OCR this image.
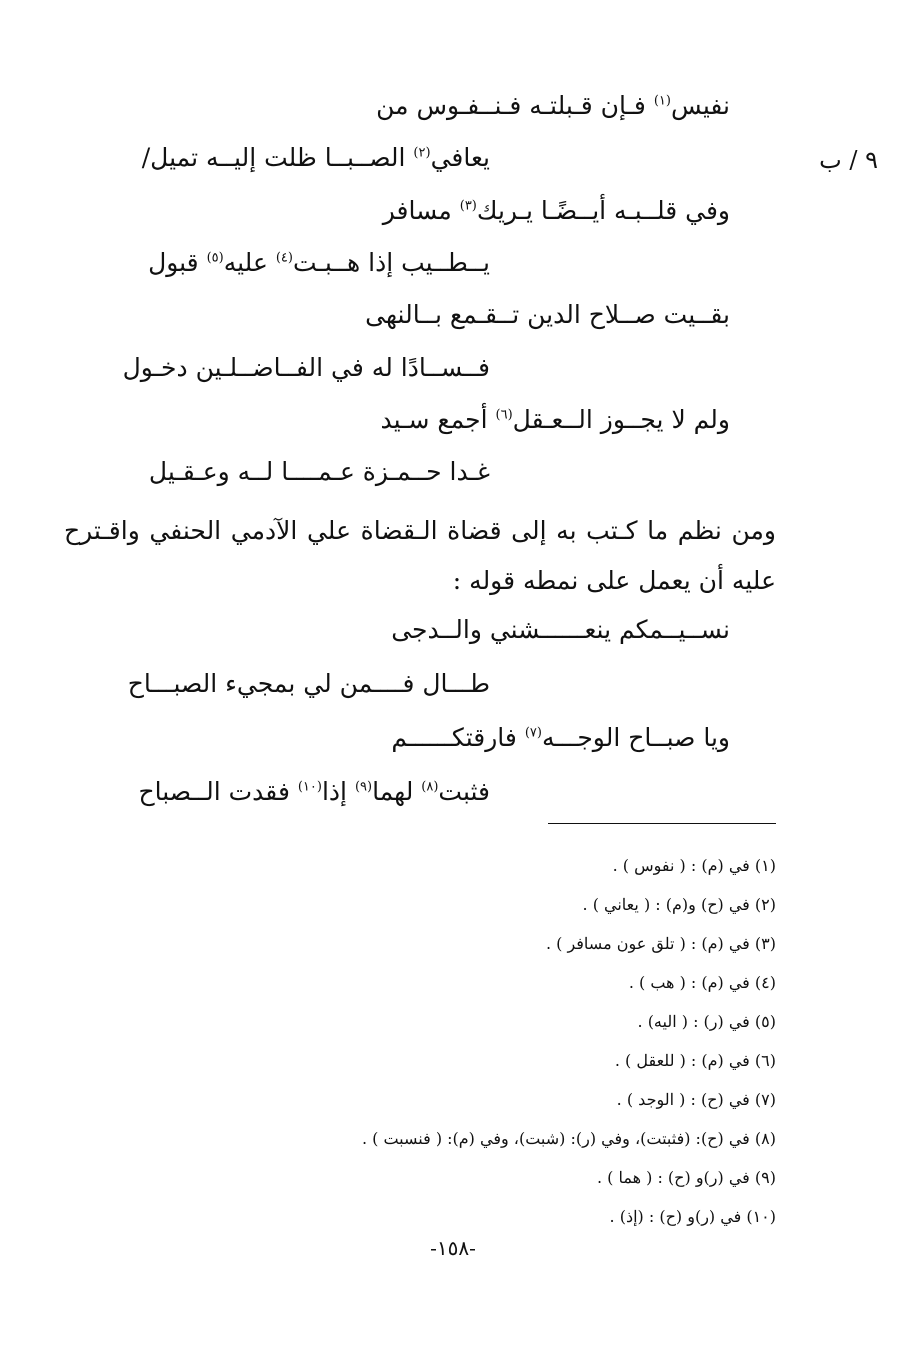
٩ / ب
نفيس$^{(١)}$ فـإن قـبلتـه فـنــفـوس من
يعافي$^{(٢)}$ الصــبــا ظلت إليــه تميل/
وفي قلــبـه أيــضًـا يـريك$^{(٣)}$ مسافر
يــطــيب إذا هــبـت$^{(٤)}$ عليه$^{(٥)}$ قبول
بقــيت صــلاح الدين تــقـمع بــالنهى
فــســادًا له في الفــاضــلـين دخـول
ولم لا يجــوز الــعـقل$^{(٦)}$ أجمع سـيد
غـدا حــمـزة عـمــــا لــه وعـقـيل
ومن نظم ما كـتب به إلى قضاة الـقضاة علي الآدمي الحنفي واقـترح عليه أن يعمل على نمطه قوله :
نســيــمكم ينعــــــشني والــدجى
طـــال فــــمن لي بمجيء الصبـــاح
ويا صبــاح الوجـــه$^{(٧)}$ فارقتكــــــم
فثبت$^{(٨)}$ لهما$^{(٩)}$ إذا$^{(١٠)}$ فقدت الــصباح
(١) في (م) : ( نفوس ) .
(٢) في (ح) و(م) : ( يعاني ) .
(٣) في (م) : ( تلق عون مسافر ) .
(٤) في (م) : ( هب ) .
(٥) في (ر) : ( اليه) .
(٦) في (م) : ( للعقل ) .
(٧) في (ح) : ( الوجد ) .
(٨) في (ح): (فثبتت)، وفي (ر): (شبت)، وفي (م): ( فنسبت ) .
(٩) في (ر)و (ح) : ( هما ) .
(١٠) في (ر)و (ح) : (إذ) .
-١٥٨-
